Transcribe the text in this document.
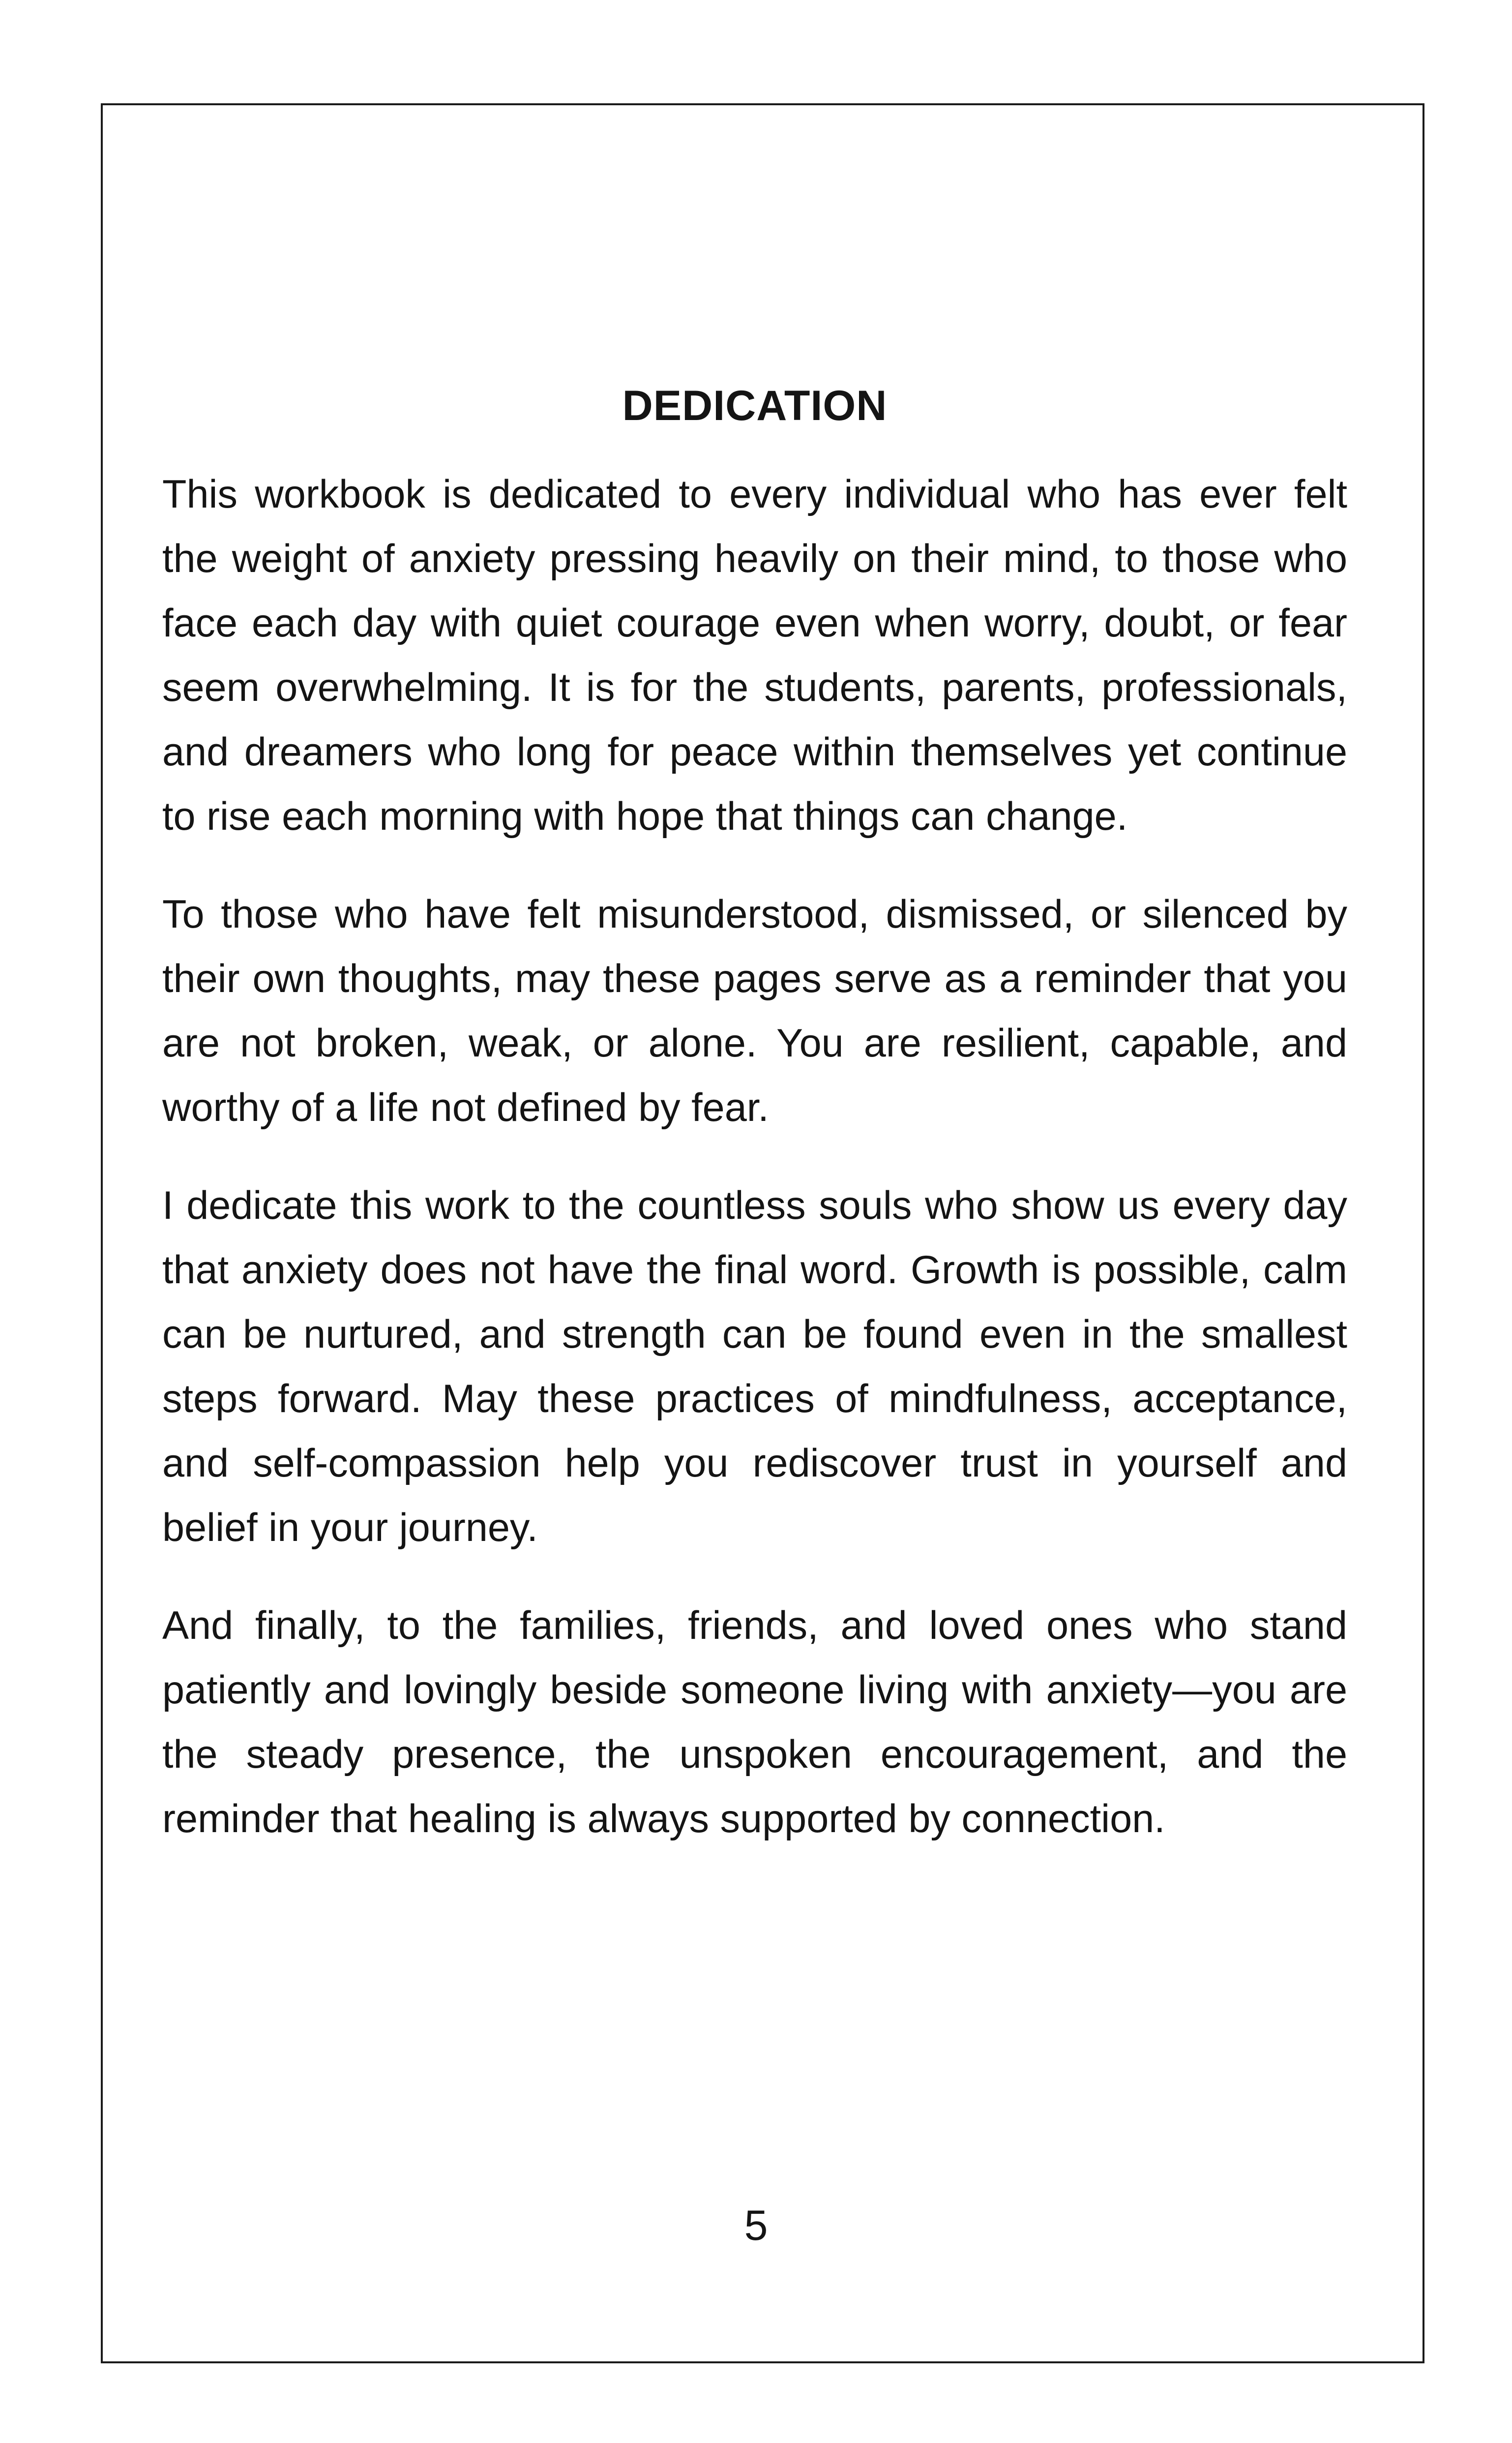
DEDICATION

This workbook is dedicated to every individual who has ever felt the weight of anxiety pressing heavily on their mind, to those who face each day with quiet courage even when worry, doubt, or fear seem overwhelming. It is for the students, parents, professionals, and dreamers who long for peace within themselves yet continue to rise each morning with hope that things can change.

To those who have felt misunderstood, dismissed, or silenced by their own thoughts, may these pages serve as a reminder that you are not broken, weak, or alone. You are resilient, capable, and worthy of a life not defined by fear.

I dedicate this work to the countless souls who show us every day that anxiety does not have the final word. Growth is possible, calm can be nurtured, and strength can be found even in the smallest steps forward. May these practices of mindfulness, acceptance, and self-compassion help you rediscover trust in yourself and belief in your journey.

And finally, to the families, friends, and loved ones who stand patiently and lovingly beside someone living with anxiety—you are the steady presence, the unspoken encouragement, and the reminder that healing is always supported by connection.

5
